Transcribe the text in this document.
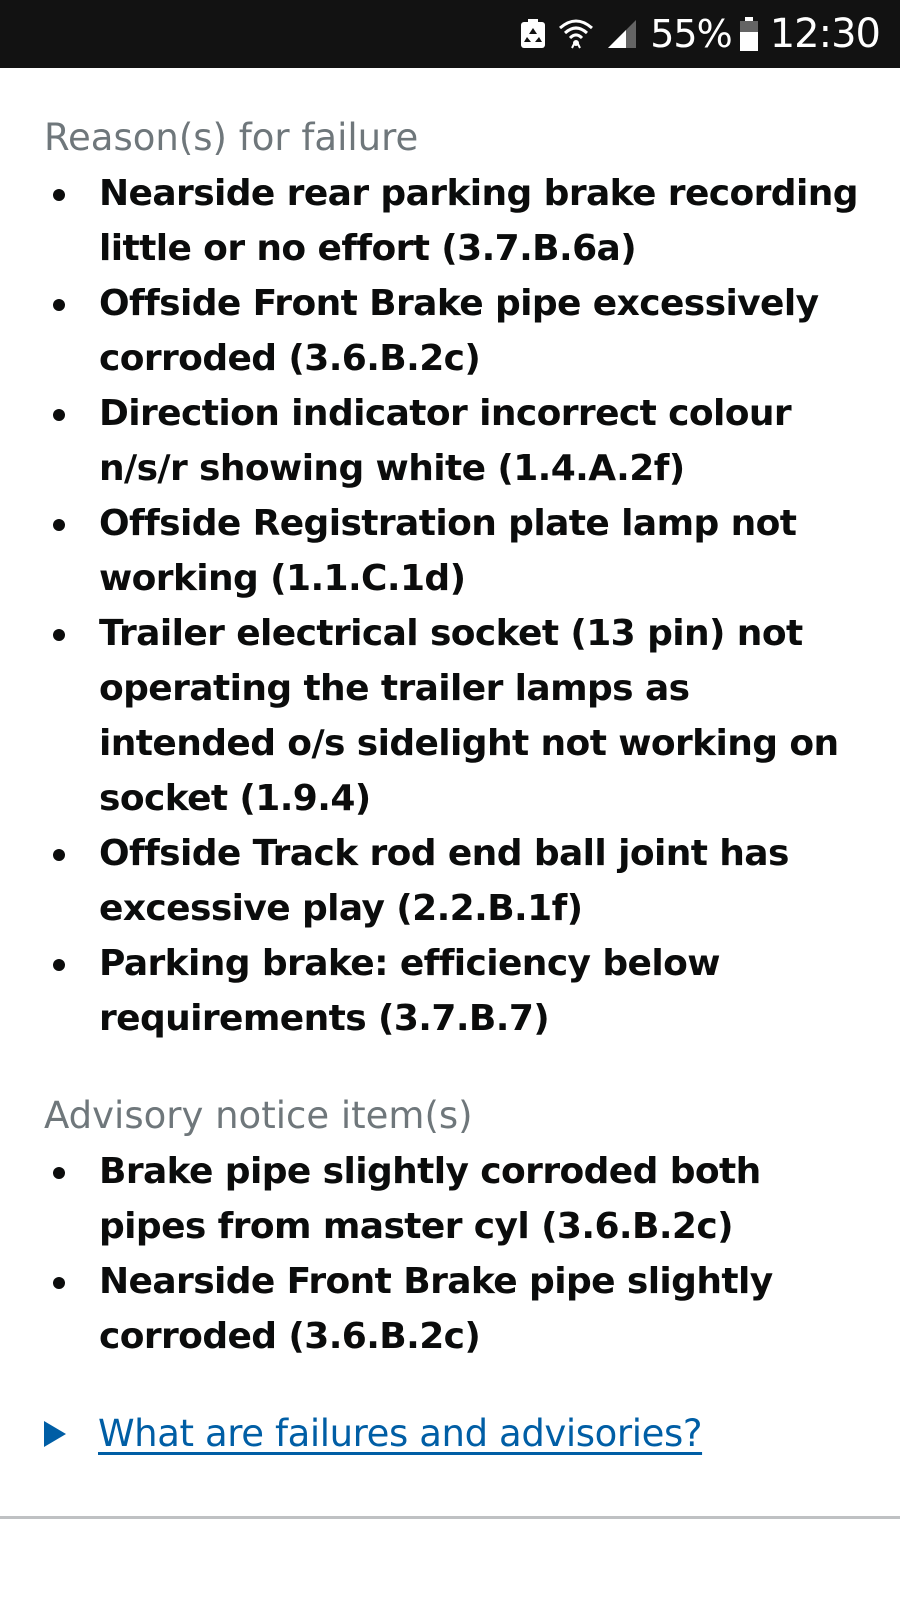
55% 12:30
Reason(s) for failure
Nearside rear parking brake recording little or no effort (3.7.B.6a)
Offside Front Brake pipe excessively corroded (3.6.B.2c)
Direction indicator incorrect colour n/s/r showing white (1.4.A.2f)
Offside Registration plate lamp not working (1.1.C.1d)
Trailer electrical socket (13 pin) not operating the trailer lamps as intended o/s sidelight not working on socket (1.9.4)
Offside Track rod end ball joint has excessive play (2.2.B.1f)
Parking brake: efficiency below requirements (3.7.B.7)
Advisory notice item(s)
Brake pipe slightly corroded both pipes from master cyl (3.6.B.2c)
Nearside Front Brake pipe slightly corroded (3.6.B.2c)
What are failures and advisories?
